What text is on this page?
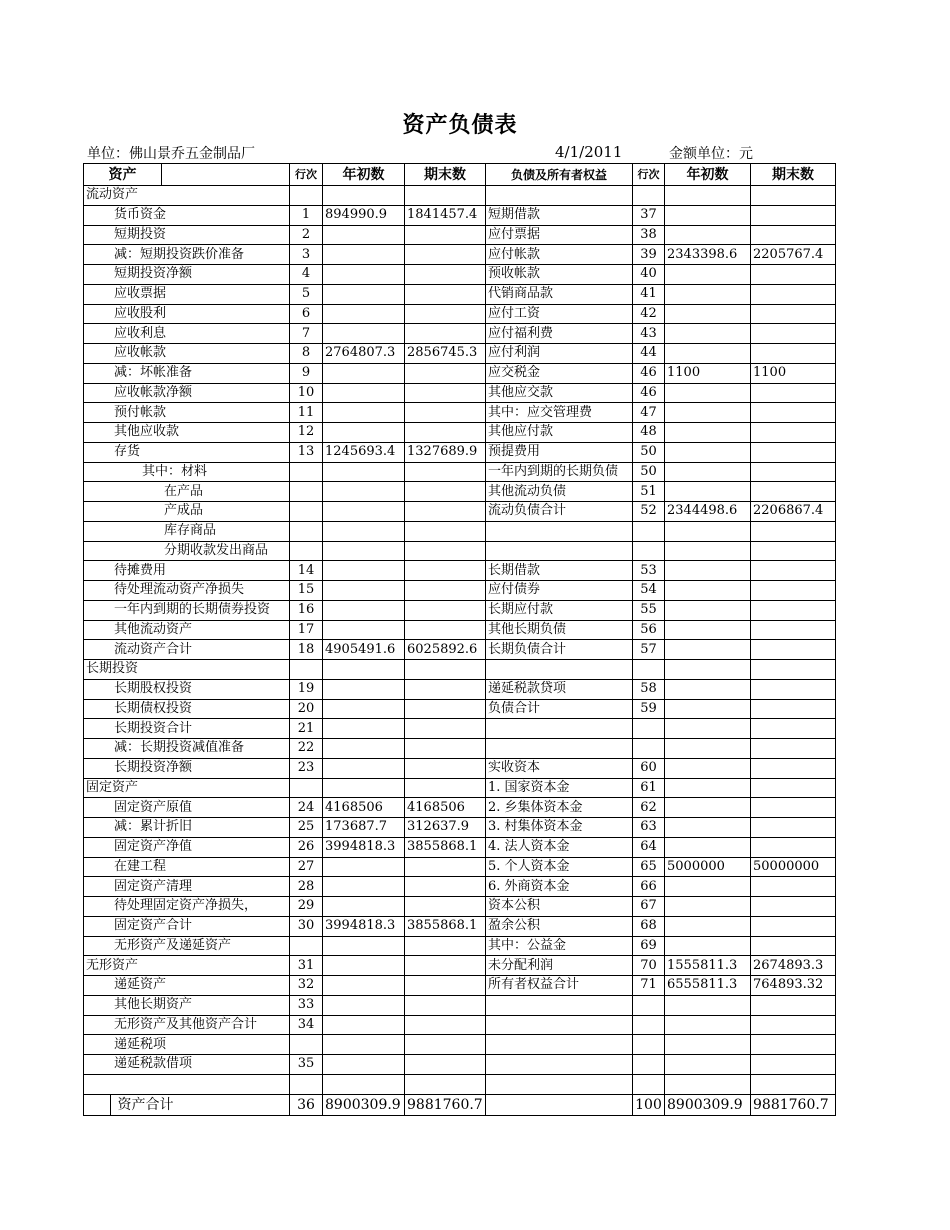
资产负债表
单位：佛山景乔五金制品厂	4/1/2011	金额单位：元
资产		行次	年初数	期末数	负债及所有者权益	行次	年初数	期末数
流动资产							
货币资金	1	894990.9	1841457.4	短期借款	37		
短期投资	2			应付票据	38		
减：短期投资跌价准备	3			应付帐款	39	2343398.6	2205767.4
短期投资净额	4			预收帐款	40		
应收票据	5			代销商品款	41		
应收股利	6			应付工资	42		
应收利息	7			应付福利费	43		
应收帐款	8	2764807.3	2856745.3	应付利润	44		
减：坏帐准备	9			应交税金	46	1100	1100
应收帐款净额	10			其他应交款	46		
预付帐款	11			其中：应交管理费	47		
其他应收款	12			其他应付款	48		
存货	13	1245693.4	1327689.9	预提费用	50		
其中：材料				一年内到期的长期负债	50		
在产品				其他流动负债	51		
产成品				流动负债合计	52	2344498.6	2206867.4
库存商品							
分期收款发出商品							
待摊费用	14			长期借款	53		
待处理流动资产净损失	15			应付债券	54		
一年内到期的长期债券投资	16			长期应付款	55		
其他流动资产	17			其他长期负债	56		
流动资产合计	18	4905491.6	6025892.6	长期负债合计	57		
长期投资							
长期股权投资	19			递延税款贷项	58		
长期债权投资	20			负债合计	59		
长期投资合计	21						
减：长期投资减值准备	22						
长期投资净额	23			实收资本	60		
固定资产				1. 国家资本金	61		
固定资产原值	24	4168506	4168506	2. 乡集体资本金	62		
减：累计折旧	25	173687.7	312637.9	3. 村集体资本金	63		
固定资产净值	26	3994818.3	3855868.1	4. 法人资本金	64		
在建工程	27			5. 个人资本金	65	5000000	50000000
固定资产清理	28			6. 外商资本金	66		
待处理固定资产净损失，	29			资本公积	67		
固定资产合计	30	3994818.3	3855868.1	盈余公积	68		
无形资产及递延资产				其中：公益金	69		
无形资产	31			未分配利润	70	1555811.3	2674893.3
递延资产	32			所有者权益合计	71	6555811.3	764893.32
其他长期资产	33						
无形资产及其他资产合计	34						
递延税项							
递延税款借项	35						

	资产合计	36	8900309.9	9881760.7		100	8900309.9	9881760.7
